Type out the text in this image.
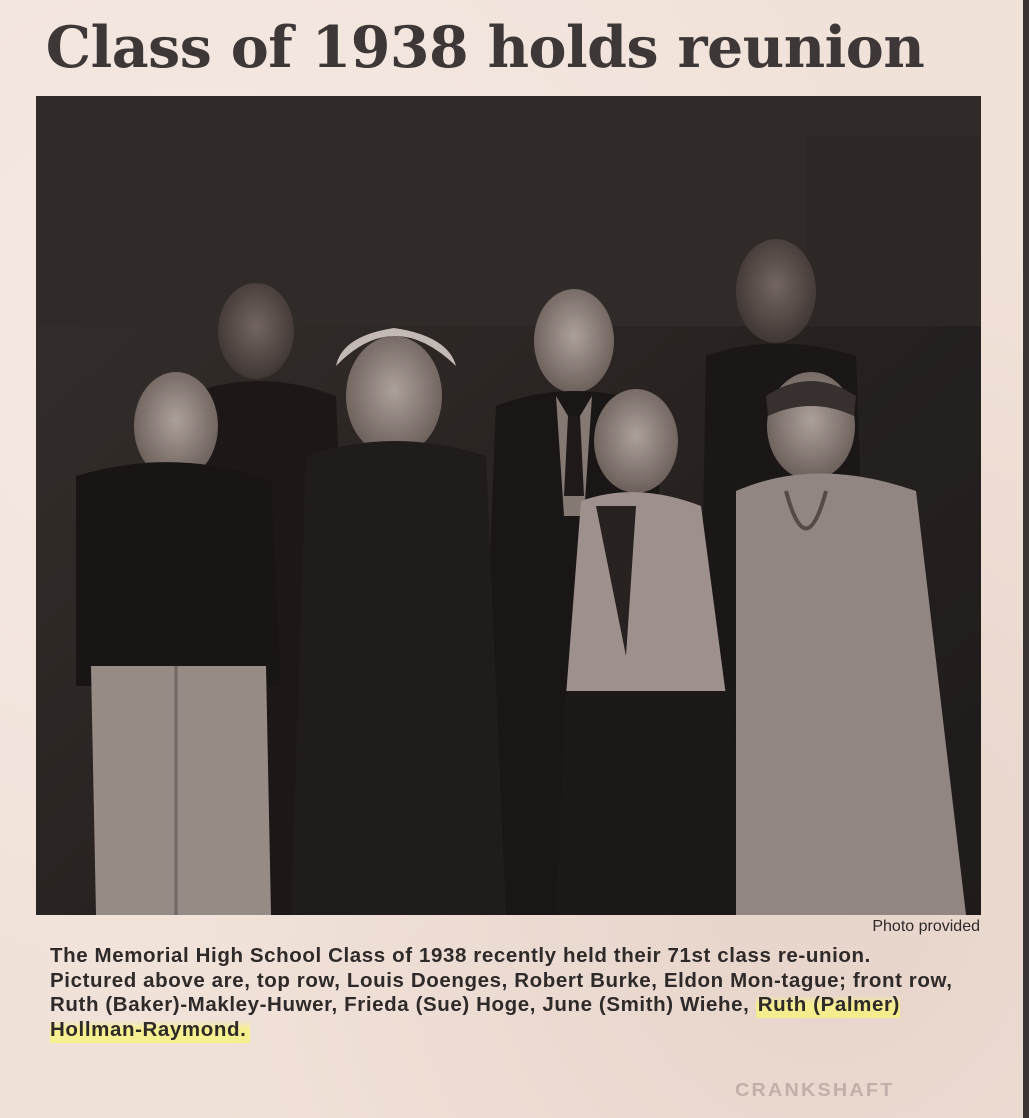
Class of 1938 holds reunion
Photo provided

The Memorial High School Class of 1938 recently held their 71st class re-union.

Pictured above are, top row, Louis Doenges, Robert Burke, Eldon Mon-tague; front row, Ruth (Baker)-Makley-Huwer, Frieda (Sue) Hoge, June (Smith) Wiehe, Ruth (Palmer) Hollman-Raymond.

CRANKSHAFT
